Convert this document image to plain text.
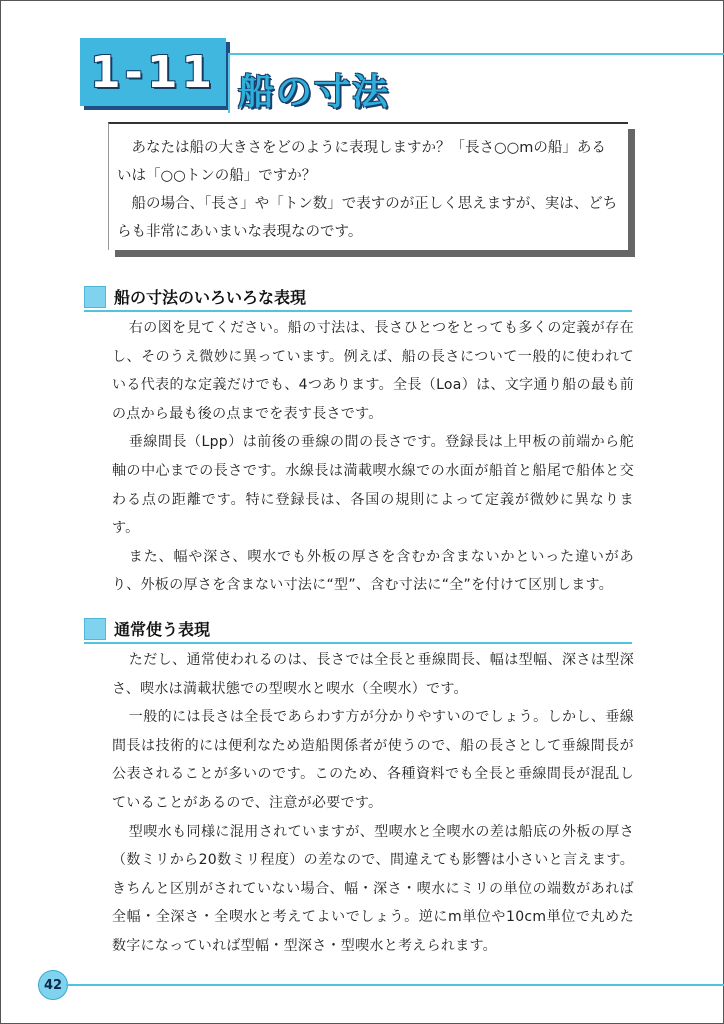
1-11 船の寸法

あなたは船の大きさをどのように表現しますか？「長さ○○mの船」あるいは「○○トンの船」ですか？

船の場合、「長さ」や「トン数」で表すのが正しく思えますが、実は、どちらも非常にあいまいな表現なのです。

船の寸法のいろいろな表現

右の図を見てください。船の寸法は、長さひとつをとっても多くの定義が存在し、そのうえ微妙に異っています。例えば、船の長さについて一般的に使われている代表的な定義だけでも、4つあります。全長（Loa）は、文字通り船の最も前の点から最も後の点までを表す長さです。

垂線間長（Lpp）は前後の垂線の間の長さです。登録長は上甲板の前端から舵軸の中心までの長さです。水線長は満載喫水線での水面が船首と船尾で船体と交わる点の距離です。特に登録長は、各国の規則によって定義が微妙に異なります。

また、幅や深さ、喫水でも外板の厚さを含むか含まないかといった違いがあり、外板の厚さを含まない寸法に“型”、含む寸法に“全”を付けて区別します。

通常使う表現

ただし、通常使われるのは、長さでは全長と垂線間長、幅は型幅、深さは型深さ、喫水は満載状態での型喫水と喫水（全喫水）です。

一般的には長さは全長であらわす方が分かりやすいのでしょう。しかし、垂線間長は技術的には便利なため造船関係者が使うので、船の長さとして垂線間長が公表されることが多いのです。このため、各種資料でも全長と垂線間長が混乱していることがあるので、注意が必要です。

型喫水も同様に混用されていますが、型喫水と全喫水の差は船底の外板の厚さ（数ミリから20数ミリ程度）の差なので、間違えても影響は小さいと言えます。きちんと区別がされていない場合、幅・深さ・喫水にミリの単位の端数があれば全幅・全深さ・全喫水と考えてよいでしょう。逆にm単位や10cm単位で丸めた数字になっていれば型幅・型深さ・型喫水と考えられます。

42
